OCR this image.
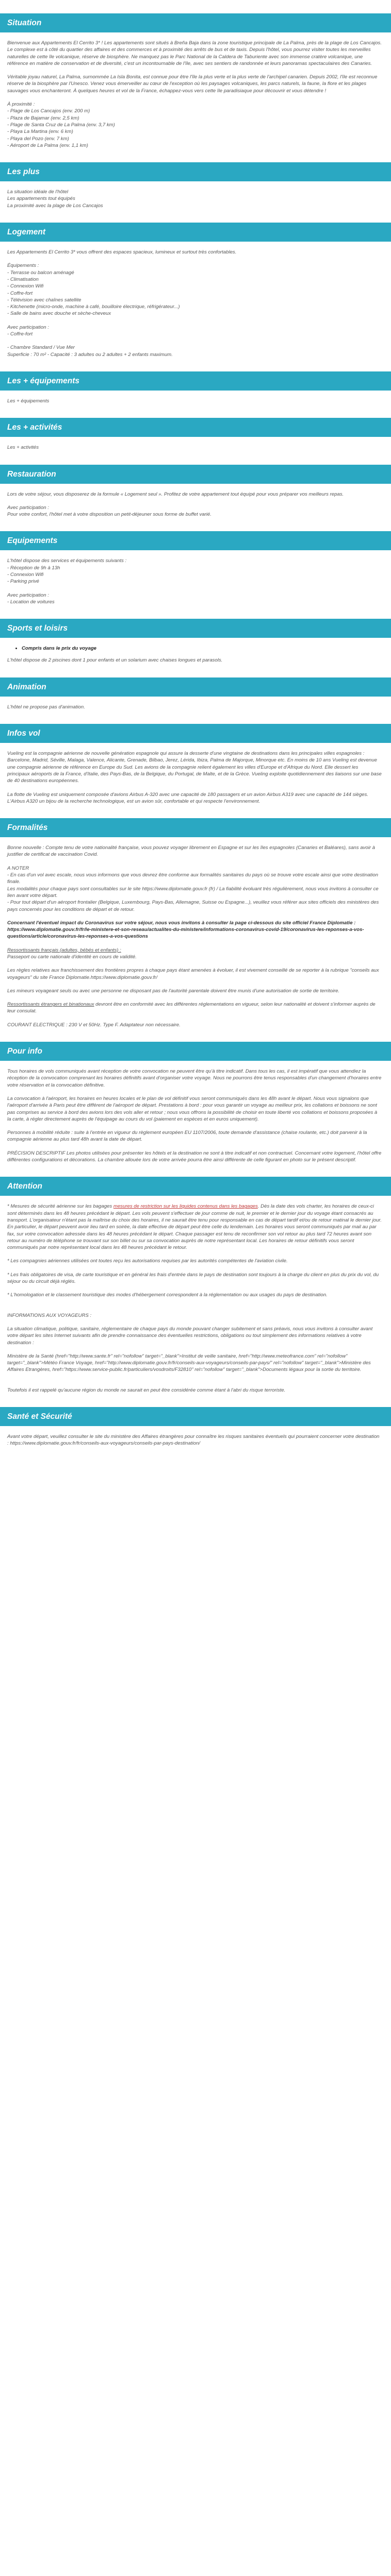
Situation

Bienvenue aux Appartements El Cerrito 3* ! Les appartements sont situés à Breña Baja dans la zone touristique principale de La Palma, près de la plage de Los Cancajos. Le complexe est à côté du quartier des affaires et des commerces et à proximité des arrêts de bus et de taxis. Depuis l'hôtel, vous pourrez visiter toutes les merveilles naturelles de cette île volcanique, réserve de biosphère. Ne manquez pas le Parc National de la Caldera de Taburiente avec son immense cratère volcanique, une référence en matière de conservation et de diversité, c'est un incontournable de l'île, avec ses sentiers de randonnée et leurs panoramas spectaculaires des Canaries.

Véritable joyau naturel, La Palma, surnommée La Isla Bonita, est connue pour être l'île la plus verte et la plus verte de l'archipel canarien. Depuis 2002, l'île est reconnue réserve de la biosphère par l'Unesco. Venez vous émerveiller au cœur de l'exception où les paysages volcaniques, les parcs naturels, la faune, la flore et les plages sauvages vous enchanteront. À quelques heures et vol de la France, échappez-vous vers cette île paradisiaque pour découvrir et vous détendre !

À proximité :
- Plage de Los Cancajos (env. 200 m)
- Plaza de Bajamar (env. 2,5 km)
- Plage de Santa Cruz de La Palma (env. 3,7 km)
- Playa La Martina (env. 6 km)
- Playa del Pozo (env. 7 km)
- Aéroport de La Palma (env. 1,1 km)
Les plus
La situation idéale de l'hôtel
Les appartements tout équipés
La proximité avec la plage de Los Cancajos
Logement

Les Appartements El Cerrito 3* vous offrent des espaces spacieux, lumineux et surtout très confortables.

Équipements :
- Terrasse ou balcon aménagé
- Climatisation
- Connexion Wifi
- Coffre-fort
- Télévision avec chaînes satellite
- Kitchenette (micro-onde, machine à café, bouilloire électrique, réfrigérateur...)
- Salle de bains avec douche et sèche-cheveux
Avec participation :
- Coffre-fort
- Chambre Standard / Vue Mer
Superficie : 70 m² - Capacité : 3 adultes ou 2 adultes + 2 enfants maximum.
Les + équipements
Les + équipements
Les + activités
Les + activités
Restauration

Lors de votre séjour, vous disposerez de la formule « Logement seul ». Profitez de votre appartement tout équipé pour vous préparer vos meilleurs repas.

Avec participation :
Pour votre confort, l'hôtel met à votre disposition un petit-déjeuner sous forme de buffet varié.
Equipements
L'hôtel dispose des services et équipements suivants :
- Réception de 9h à 13h
- Connexion Wifi
- Parking privé
Avec participation :
- Location de voitures
Sports et loisirs
• Compris dans le prix du voyage
L'hôtel dispose de 2 piscines dont 1 pour enfants et un solarium avec chaises longues et parasols.
Animation
L'hôtel ne propose pas d'animation.
Infos vol

Vueling est la compagnie aérienne de nouvelle génération espagnole qui assure la desserte d'une vingtaine de destinations dans les principales villes espagnoles : Barcelone, Madrid, Séville, Malaga, Valence, Alicante, Grenade, Bilbao, Jerez, Lérida, Ibiza, Palma de Majorque, Minorque etc. En moins de 10 ans Vueling est devenue une compagnie aérienne de référence en Europe du Sud. Les avions de la compagnie relient également les villes d'Europe et d'Afrique du Nord. Elle dessert les principaux aéroports de la France, d'Italie, des Pays-Bas, de la Belgique, du Portugal, de Malte, et de la Grèce. Vueling exploite quotidiennement des liaisons sur une base de 40 destinations européennes.

La flotte de Vueling est uniquement composée d'avions Airbus A-320 avec une capacité de 180 passagers et un avion Airbus A319 avec une capacité de 144 sièges. L'Airbus A320 un bijou de la recherche technologique, est un avion sûr, confortable et qui respecte l'environnement.

Formalités

Bonne nouvelle : Compte tenu de votre nationalité française, vous pouvez voyager librement en Espagne et sur les îles espagnoles (Canaries et Baléares), sans avoir à justifier de certificat de vaccination Covid.

A NOTER
- En cas d'un vol avec escale, nous vous informons que vous devrez être conforme aux formalités sanitaires du pays où se trouve votre escale ainsi que votre destination finale.
Les modalités pour chaque pays sont consultables sur le site https://www.diplomatie.gouv.fr (fr) / La fiabilité évoluant très régulièrement, nous vous invitons à consulter ce lien avant votre départ.
- Pour tout départ d'un aéroport frontalier (Belgique, Luxembourg, Pays-Bas, Allemagne, Suisse ou Espagne...), veuillez vous référer aux sites officiels des ministères des pays concernés pour les conditions de départ et de retour.

Concernant l'éventuel impact du Coronavirus sur votre séjour, nous vous invitons à consulter la page ci-dessous du site officiel France Diplomatie : https://www.diplomatie.gouv.fr/fr/le-ministere-et-son-reseau/actualites-du-ministere/informations-coronavirus-covid-19/coronavirus-les-reponses-a-vos-questions/article/coronavirus-les-reponses-a-vos-questions

Ressortissants français (adultes, bébés et enfants) :
Passeport ou carte nationale d'identité en cours de validité.

Les règles relatives aux franchissement des frontières propres à chaque pays étant amenées à évoluer, il est vivement conseillé de se reporter à la rubrique "conseils aux voyageurs" du site France Diplomatie.https://www.diplomatie.gouv.fr/

Les mineurs voyageant seuls ou avec une personne ne disposant pas de l'autorité parentale doivent être munis d'une autorisation de sortie de territoire.

Ressortissants étrangers et binationaux devront être en conformité avec les différentes réglementations en vigueur, selon leur nationalité et doivent s'informer auprès de leur consulat.

COURANT ELECTRIQUE : 230 V et 50Hz. Type F. Adaptateur non nécessaire.

Pour info

Tous horaires de vols communiqués avant réception de votre convocation ne peuvent être qu'à titre indicatif. Dans tous les cas, il est impératif que vous attendiez la réception de la convocation comprenant les horaires définitifs avant d'organiser votre voyage. Nous ne pourrons être tenus responsables d'un changement d'horaires entre votre réservation et la convocation définitive.

La convocation à l'aéroport, les horaires en heures locales et le plan de vol définitif vous seront communiqués dans les 48h avant le départ. Nous vous signalons que l'aéroport d'arrivée à Paris peut être différent de l'aéroport de départ. Prestations à bord : pour vous garantir un voyage au meilleur prix, les collations et boissons ne sont pas comprises au service à bord des avions lors des vols aller et retour ; nous vous offrons la possibilité de choisir en toute liberté vos collations et boissons proposées à la carte, à régler directement auprès de l'équipage au cours du vol (paiement en espèces et en euros uniquement).

Personnes à mobilité réduite : suite à l'entrée en vigueur du règlement européen EU 1107/2006, toute demande d'assistance (chaise roulante, etc.) doit parvenir à la compagnie aérienne au plus tard 48h avant la date de départ.

PRÉCISION DESCRIPTIF Les photos utilisées pour présenter les hôtels et la destination ne sont à titre indicatif et non contractuel. Concernant votre logement, l'hôtel offre différentes configurations et décorations. La chambre allouée lors de votre arrivée pourra être ainsi différente de celle figurant en photo sur le présent descriptif.

Attention

* Mesures de sécurité aérienne sur les bagages mesures de restriction sur les liquides contenus dans les bagages. Dès la date des vols charter, les horaires de ceux-ci sont déterminés dans les 48 heures précédant le départ. Les vols peuvent s'effectuer de jour comme de nuit, le premier et le dernier jour du voyage étant consacrés au transport. L'organisateur n'étant pas la maîtrise du choix des horaires, il ne saurait être tenu pour responsable en cas de départ tardif et/ou de retour matinal le dernier jour. En particulier, le départ peuvent avoir lieu tard en soirée, la date effective de départ peut être celle du lendemain. Les horaires vous seront communiqués par mail au par fax, sur votre convocation adressée dans les 48 heures précédant le départ. Chaque passager est tenu de reconfirmer son vol retour au plus tard 72 heures avant son retour au numéro de téléphone se trouvant sur son billet ou sur sa convocation auprès de notre représentant local. Les horaires de retour définitifs vous seront communiqués par notre représentant local dans les 48 heures précédant le retour.

* Les compagnies aériennes utilisées ont toutes reçu les autorisations requises par les autorités compétentes de l'aviation civile.

* Les frais obligatoires de visa, de carte touristique et en général les frais d'entrée dans le pays de destination sont toujours à la charge du client en plus du prix du vol, du séjour ou du circuit déjà réglés.

* L'homologation et le classement touristique des modes d'hébergement correspondent à la réglementation ou aux usages du pays de destination.

INFORMATIONS AUX VOYAGEURS :

La situation climatique, politique, sanitaire, réglementaire de chaque pays du monde pouvant changer subitement et sans préavis, nous vous invitons à consulter avant votre départ les sites Internet suivants afin de prendre connaissance des éventuelles restrictions, obligations ou tout simplement des informations relatives à votre destination :

Ministère de la Santé (href="http://www.sante.fr" rel="nofollow" target="_blank">Institut de veille sanitaire, href="http://www.meteofrance.com" rel="nofollow" target="_blank">Météo France Voyage, href="http://www.diplomatie.gouv.fr/fr/conseils-aux-voyageurs/conseils-par-pays/" rel="nofollow" target="_blank">Ministère des Affaires Etrangères, href="https://www.service-public.fr/particuliers/vosdroits/F32810" rel="nofollow" target="_blank">Documents légaux pour la sortie du territoire.

Toutefois il est rappelé qu'aucune région du monde ne saurait en peut être considérée comme étant à l'abri du risque terroriste.

Santé et Sécurité

Avant votre départ, veuillez consulter le site du ministère des Affaires étrangères pour connaître les risques sanitaires éventuels qui pourraient concerner votre destination : https://www.diplomatie.gouv.fr/fr/conseils-aux-voyageurs/conseils-par-pays-destination/
